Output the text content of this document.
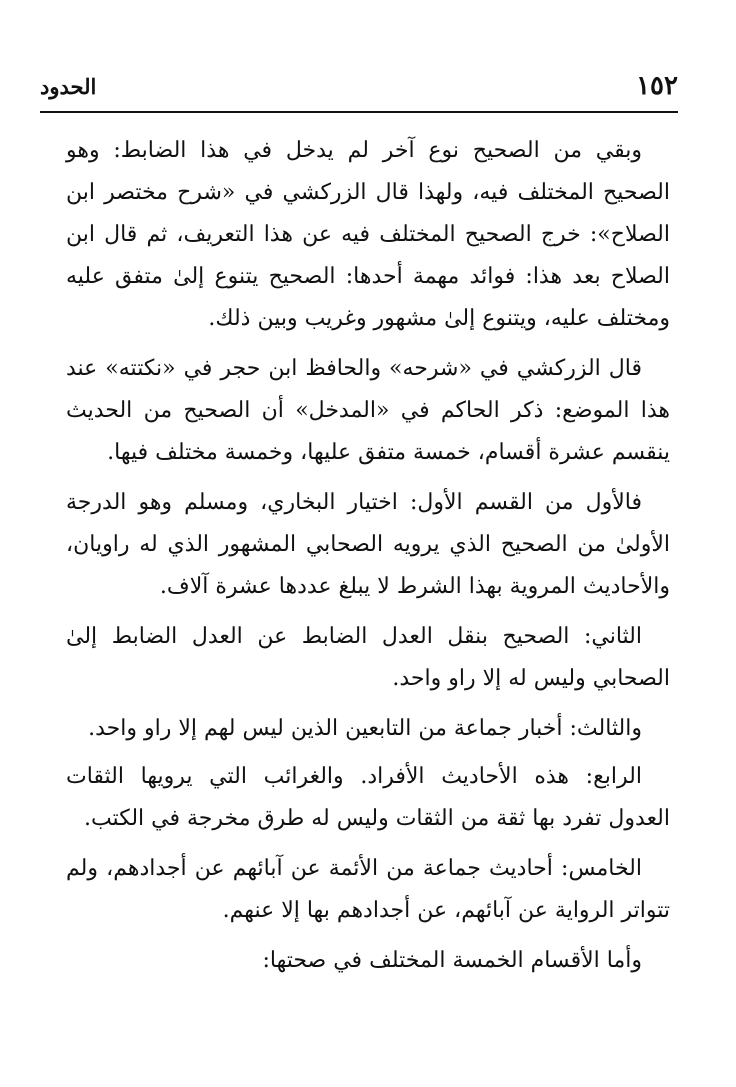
١٥٢
الحدود

وبقي من الصحيح نوع آخر لم يدخل في هذا الضابط: وهو الصحيح المختلف فيه، ولهذا قال الزركشي في «شرح مختصر ابن الصلاح»: خرج الصحيح المختلف فيه عن هذا التعريف، ثم قال ابن الصلاح بعد هذا: فوائد مهمة أحدها: الصحيح يتنوع إلىٰ متفق عليه ومختلف عليه، ويتنوع إلىٰ مشهور وغريب وبين ذلك.

قال الزركشي في «شرحه» والحافظ ابن حجر في «نكتته» عند هذا الموضع: ذكر الحاكم في «المدخل» أن الصحيح من الحديث ينقسم عشرة أقسام، خمسة متفق عليها، وخمسة مختلف فيها.

فالأول من القسم الأول: اختيار البخاري، ومسلم وهو الدرجة الأولىٰ من الصحيح الذي يرويه الصحابي المشهور الذي له راويان، والأحاديث المروية بهذا الشرط لا يبلغ عددها عشرة آلاف.

الثاني: الصحيح بنقل العدل الضابط عن العدل الضابط إلىٰ الصحابي وليس له إلا راو واحد.

والثالث: أخبار جماعة من التابعين الذين ليس لهم إلا راو واحد.

الرابع: هذه الأحاديث الأفراد. والغرائب التي يرويها الثقات العدول تفرد بها ثقة من الثقات وليس له طرق مخرجة في الكتب.

الخامس: أحاديث جماعة من الأئمة عن آبائهم عن أجدادهم، ولم تتواتر الرواية عن آبائهم، عن أجدادهم بها إلا عنهم.

وأما الأقسام الخمسة المختلف في صحتها:
